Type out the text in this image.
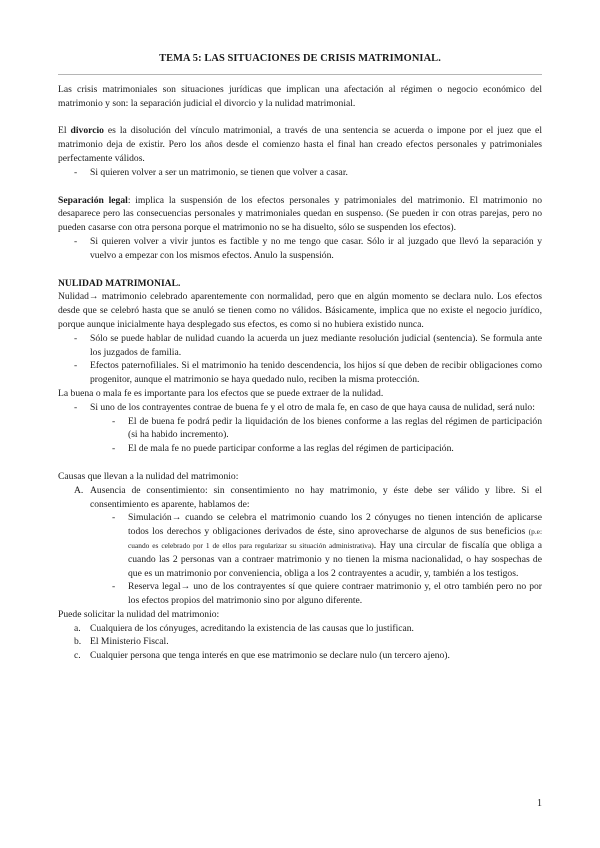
TEMA 5: LAS SITUACIONES DE CRISIS MATRIMONIAL.

Las crisis matrimoniales son situaciones jurídicas que implican una afectación al régimen o negocio económico del matrimonio y son: la separación judicial el divorcio y la nulidad matrimonial.

El divorcio es la disolución del vínculo matrimonial, a través de una sentencia se acuerda o impone por el juez que el matrimonio deja de existir. Pero los años desde el comienzo hasta el final han creado efectos personales y patrimoniales perfectamente válidos.

- Si quieren volver a ser un matrimonio, se tienen que volver a casar.

Separación legal: implica la suspensión de los efectos personales y patrimoniales del matrimonio. El matrimonio no desaparece pero las consecuencias personales y matrimoniales quedan en suspenso. (Se pueden ir con otras parejas, pero no pueden casarse con otra persona porque el matrimonio no se ha disuelto, sólo se suspenden los efectos).

- Si quieren volver a vivir juntos es factible y no me tengo que casar. Sólo ir al juzgado que llevó la separación y vuelvo a empezar con los mismos efectos. Anulo la suspensión.
NULIDAD MATRIMONIAL.

Nulidad→ matrimonio celebrado aparentemente con normalidad, pero que en algún momento se declara nulo. Los efectos desde que se celebró hasta que se anuló se tienen como no válidos. Básicamente, implica que no existe el negocio jurídico, porque aunque inicialmente haya desplegado sus efectos, es como si no hubiera existido nunca.

- Sólo se puede hablar de nulidad cuando la acuerda un juez mediante resolución judicial (sentencia). Se formula ante los juzgados de familia.
- Efectos paternofiliales. Si el matrimonio ha tenido descendencia, los hijos sí que deben de recibir obligaciones como progenitor, aunque el matrimonio se haya quedado nulo, reciben la misma protección.

La buena o mala fe es importante para los efectos que se puede extraer de la nulidad.

- Si uno de los contrayentes contrae de buena fe y el otro de mala fe, en caso de que haya causa de nulidad, será nulo:
- El de buena fe podrá pedir la liquidación de los bienes conforme a las reglas del régimen de participación (si ha habido incremento).
- El de mala fe no puede participar conforme a las reglas del régimen de participación.

Causas que llevan a la nulidad del matrimonio:

A. Ausencia de consentimiento: sin consentimiento no hay matrimonio, y éste debe ser válido y libre. Si el consentimiento es aparente, hablamos de:
- Simulación→ cuando se celebra el matrimonio cuando los 2 cónyuges no tienen intención de aplicarse todos los derechos y obligaciones derivados de éste, sino aprovecharse de algunos de sus beneficios (p.e: cuando es celebrado por 1 de ellos para regularizar su situación administrativa). Hay una circular de fiscalía que obliga a cuando las 2 personas van a contraer matrimonio y no tienen la misma nacionalidad, o hay sospechas de que es un matrimonio por conveniencia, obliga a los 2 contrayentes a acudir, y, también a los testigos.
- Reserva legal→ uno de los contrayentes sí que quiere contraer matrimonio y, el otro también pero no por los efectos propios del matrimonio sino por alguno diferente.

Puede solicitar la nulidad del matrimonio:

a. Cualquiera de los cónyuges, acreditando la existencia de las causas que lo justifican.
b. El Ministerio Fiscal.
c. Cualquier persona que tenga interés en que ese matrimonio se declare nulo (un tercero ajeno).
1
